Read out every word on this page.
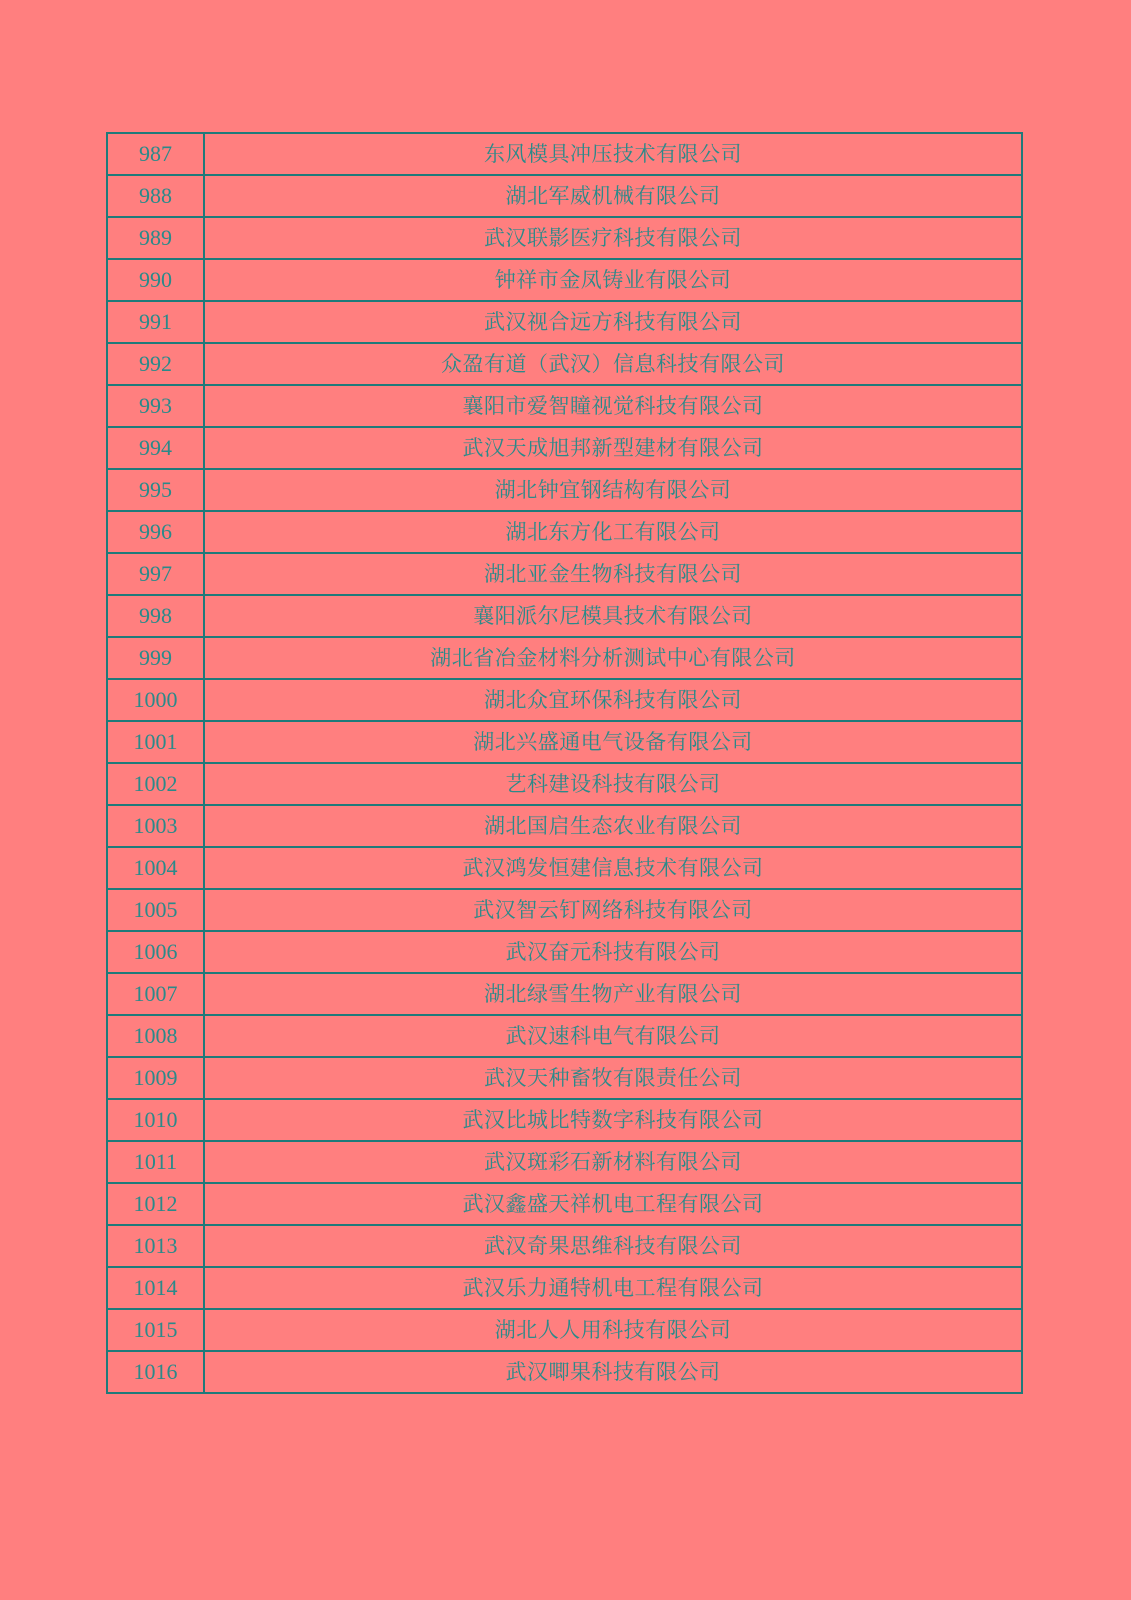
987	东风模具冲压技术有限公司
988	湖北军威机械有限公司
989	武汉联影医疗科技有限公司
990	钟祥市金凤铸业有限公司
991	武汉视合远方科技有限公司
992	众盈有道（武汉）信息科技有限公司
993	襄阳市爱智瞳视觉科技有限公司
994	武汉天成旭邦新型建材有限公司
995	湖北钟宜钢结构有限公司
996	湖北东方化工有限公司
997	湖北亚金生物科技有限公司
998	襄阳派尔尼模具技术有限公司
999	湖北省冶金材料分析测试中心有限公司
1000	湖北众宜环保科技有限公司
1001	湖北兴盛通电气设备有限公司
1002	艺科建设科技有限公司
1003	湖北国启生态农业有限公司
1004	武汉鸿发恒建信息技术有限公司
1005	武汉智云钉网络科技有限公司
1006	武汉奋元科技有限公司
1007	湖北绿雪生物产业有限公司
1008	武汉速科电气有限公司
1009	武汉天种畜牧有限责任公司
1010	武汉比城比特数字科技有限公司
1011	武汉斑彩石新材料有限公司
1012	武汉鑫盛天祥机电工程有限公司
1013	武汉奇果思维科技有限公司
1014	武汉乐力通特机电工程有限公司
1015	湖北人人用科技有限公司
1016	武汉唧果科技有限公司
